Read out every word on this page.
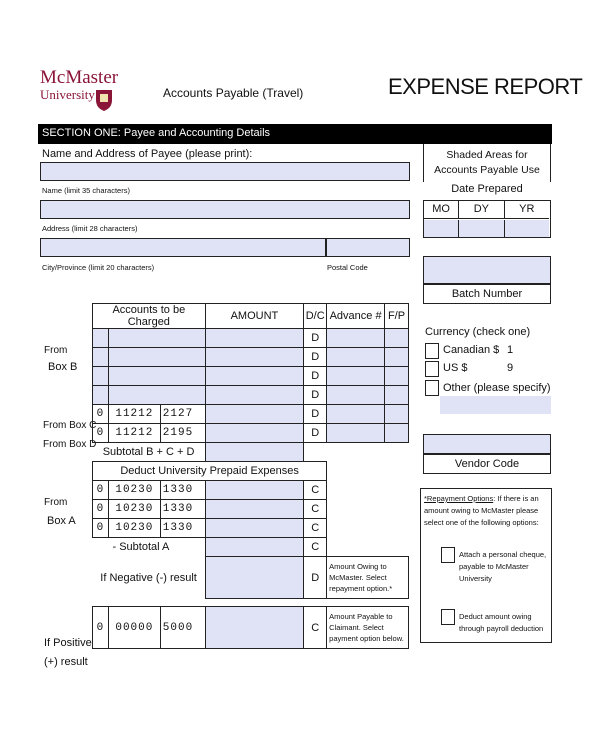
McMaster
University	Accounts Payable (Travel)	EXPENSE REPORT
SECTION ONE: Payee and Accounting Details
Name and Address of Payee (please print):
Name (limit 35 characters)
Address (limit 28 characters)
City/Province (limit 20 characters)	Postal Code
Shaded Areas for Accounts Payable Use
Date Prepared
MO	DY	YR
Batch Number
Currency (check one)
Canadian $ 1
US $	9
Other (please specify)
Vendor Code
*Repayment Options: If there is an amount owing to McMaster please select one of the following options:
Attach a personal cheque, payable to McMaster University
Deduct amount owing through payroll deduction
From
Box B
From Box C
From Box D
From
Box A
If Positive
(+) result
Accounts to be Charged			AMOUNT	D/C	Advance #	F/P
				D		
				D		
				D		
				D		
0	11212	2127		D		
0	11212	2195		D		
Subtotal B + C + D						
Deduct University Prepaid Expenses						
0	10230	1330		C		
0	10230	1330		C		
0	10230	1330		C		
- Subtotal A				C		
If Negative (-) result				D	Amount Owing to McMaster. Select repayment option.*	

0	00000	5000		C	Amount Payable to Claimant. Select payment option below.	
